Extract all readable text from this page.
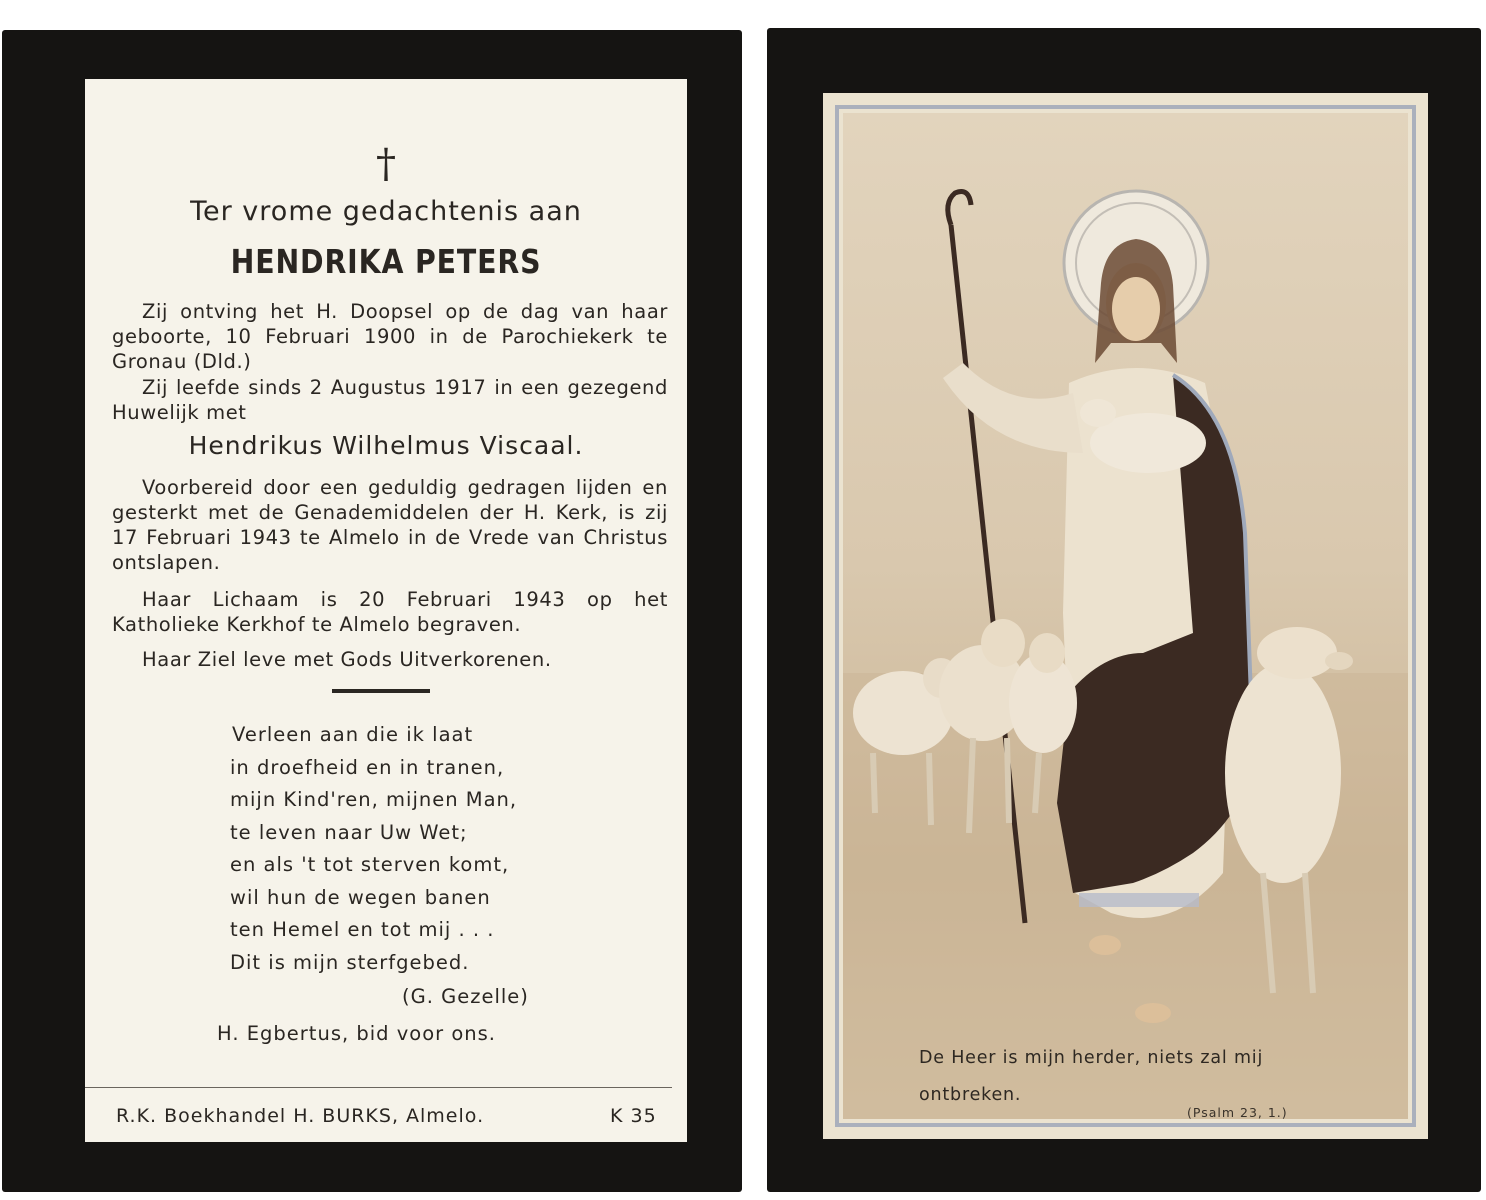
†
Ter vrome gedachtenis aan
HENDRIKA PETERS
Zij ontving het H. Doopsel op de dag van haar geboorte, 10 Februari 1900 in de Parochiekerk te Gronau (Dld.)
Zij leefde sinds 2 Augustus 1917 in een gezegend Huwelijk met
Hendrikus Wilhelmus Viscaal.
Voorbereid door een geduldig gedragen lijden en gesterkt met de Genademiddelen der H. Kerk, is zij 17 Februari 1943 te Almelo in de Vrede van Christus ontslapen.
Haar Lichaam is 20 Februari 1943 op het Katholieke Kerkhof te Almelo begraven.
Haar Ziel leve met Gods Uitverkorenen.
Verleen aan die ik laat
in droefheid en in tranen,
mijn Kind'ren, mijnen Man,
te leven naar Uw Wet;
en als 't tot sterven komt,
wil hun de wegen banen
ten Hemel en tot mij . . .
Dit is mijn sterfgebed.
(G. Gezelle)
H. Egbertus, bid voor ons.
R.K. Boekhandel H. BURKS, Almelo.	K 35
De Heer is mijn herder, niets zal mij ontbreken.
(Psalm 23, 1.)
